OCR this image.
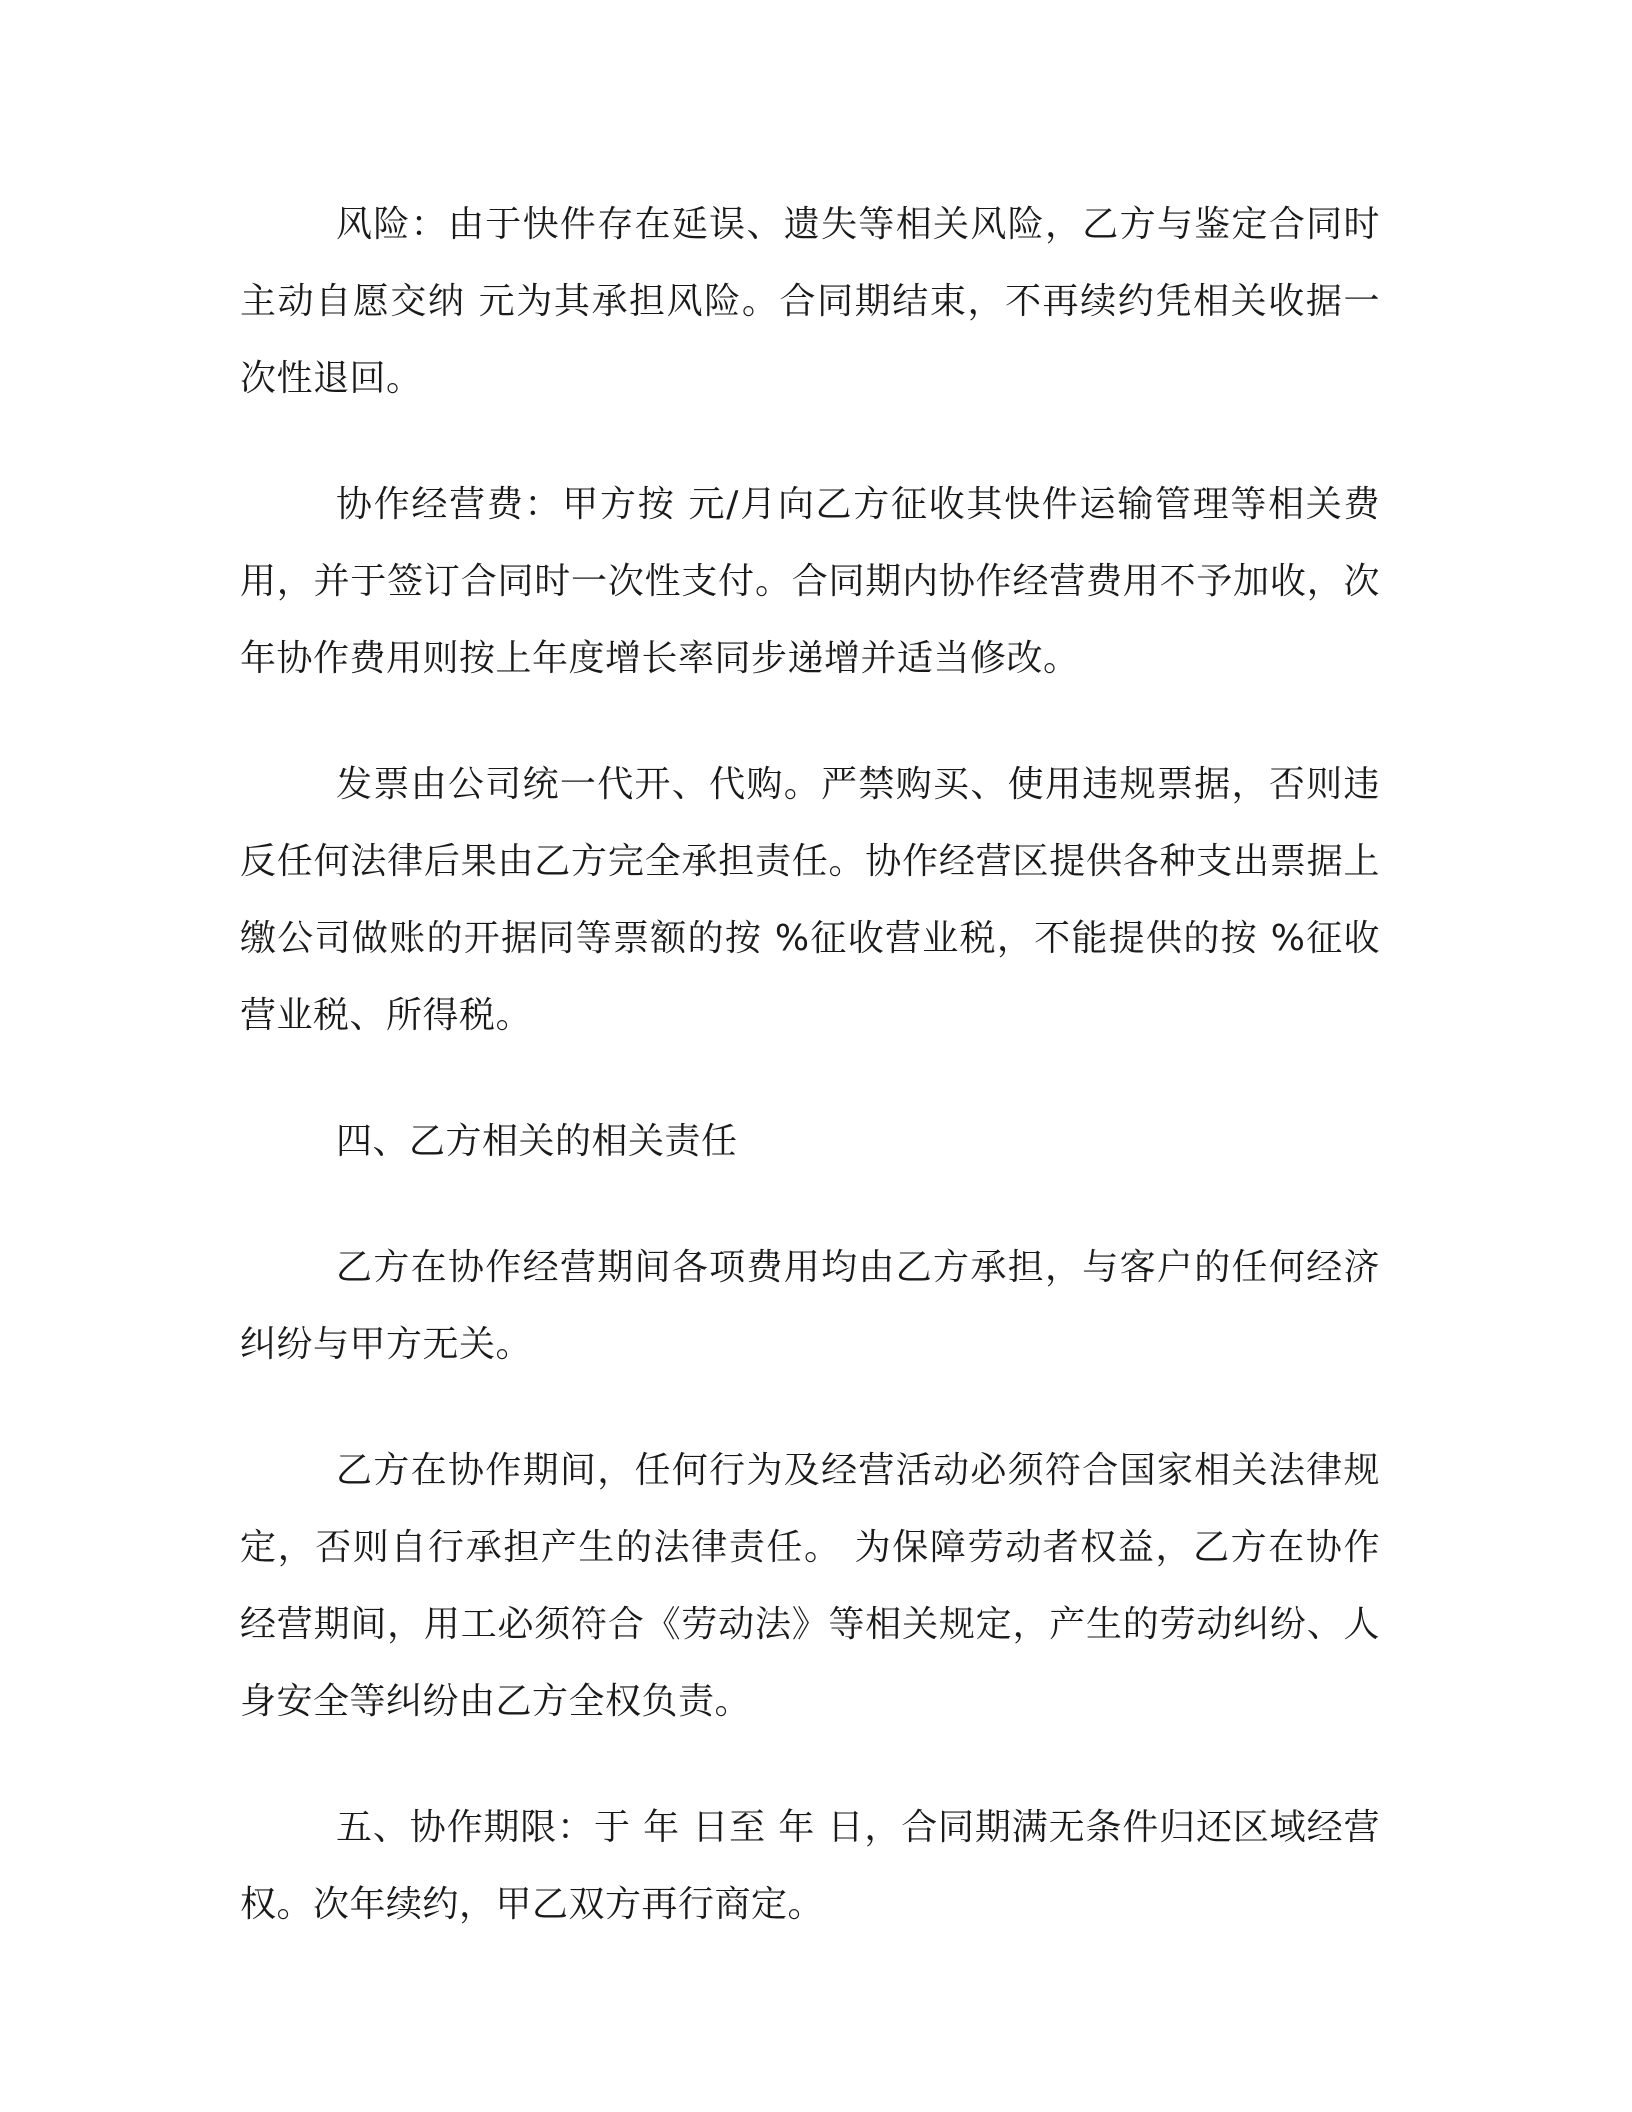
风险：由于快件存在延误、遗失等相关风险，乙方与鉴定合同时主动自愿交纳 元为其承担风险。合同期结束，不再续约凭相关收据一次性退回。

协作经营费：甲方按 元/月向乙方征收其快件运输管理等相关费用，并于签订合同时一次性支付。合同期内协作经营费用不予加收，次年协作费用则按上年度增长率同步递增并适当修改。

发票由公司统一代开、代购。严禁购买、使用违规票据，否则违反任何法律后果由乙方完全承担责任。协作经营区提供各种支出票据上缴公司做账的开据同等票额的按 %征收营业税，不能提供的按 %征收营业税、所得税。

四、乙方相关的相关责任

乙方在协作经营期间各项费用均由乙方承担，与客户的任何经济纠纷与甲方无关。

乙方在协作期间，任何行为及经营活动必须符合国家相关法律规定，否则自行承担产生的法律责任。 为保障劳动者权益，乙方在协作经营期间，用工必须符合《劳动法》等相关规定，产生的劳动纠纷、人身安全等纠纷由乙方全权负责。

五、协作期限：于 年 日至 年 日，合同期满无条件归还区域经营权。次年续约，甲乙双方再行商定。
